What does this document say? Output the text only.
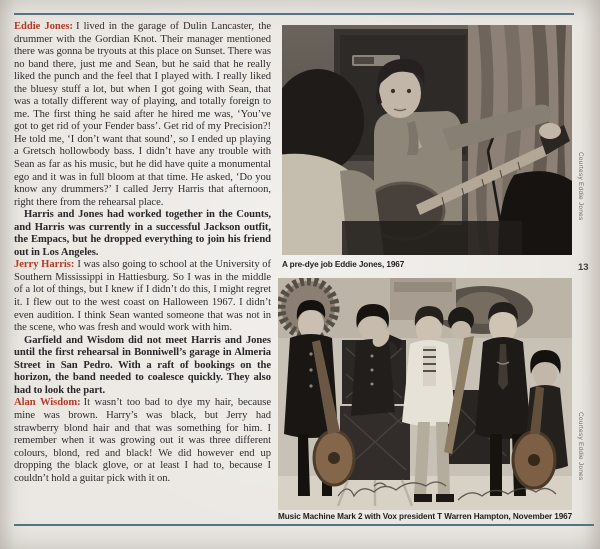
Eddie Jones: I lived in the garage of Dulin Lancaster, the drummer with the Gordian Knot. Their manager mentioned there was gonna be tryouts at this place on Sunset. There was no band there, just me and Sean, but he said that he really liked the punch and the feel that I played with. I really liked the bluesy stuff a lot, but when I got going with Sean, that was a totally different way of playing, and totally foreign to me. The first thing he said after he hired me was, ‘You’ve got to get rid of your Fender bass’. Get rid of my Precision?! He told me, ‘I don’t want that sound’, so I ended up playing a Gretsch hollowbody bass. I didn’t have any trouble with Sean as far as his music, but he did have quite a monumental ego and it was in full bloom at that time. He asked, ‘Do you know any drummers?’ I called Jerry Harris that afternoon, right there from the rehearsal place.

Harris and Jones had worked together in the Counts, and Harris was currently in a successful Jackson outfit, the Empacs, but he dropped everything to join his friend out in Los Angeles.

Jerry Harris: I was also going to school at the University of Southern Mississippi in Hattiesburg. So I was in the middle of a lot of things, but I knew if I didn’t do this, I might regret it. I flew out to the west coast on Halloween 1967. I didn’t even audition. I think Sean wanted someone that was not in the scene, who was fresh and would work with him.

Garfield and Wisdom did not meet Harris and Jones until the first rehearsal in Bonniwell’s garage in Almeria Street in San Pedro. With a raft of bookings on the horizon, the band needed to coalesce quickly. They also had to look the part.

Alan Wisdom: It wasn’t too bad to dye my hair, because mine was brown. Harry’s was black, but Jerry had strawberry blond hair and that was something for him. I remember when it was growing out it was three different colours, blond, red and black! We did however end up dropping the black glove, or at least I had to, because I couldn’t hold a guitar pick with it on.

A pre-dye job Eddie Jones, 1967	13
Courtesy Eddie Jones
Music Machine Mark 2 with Vox president T Warren Hampton, November 1967
Courtesy Eddie Jones
